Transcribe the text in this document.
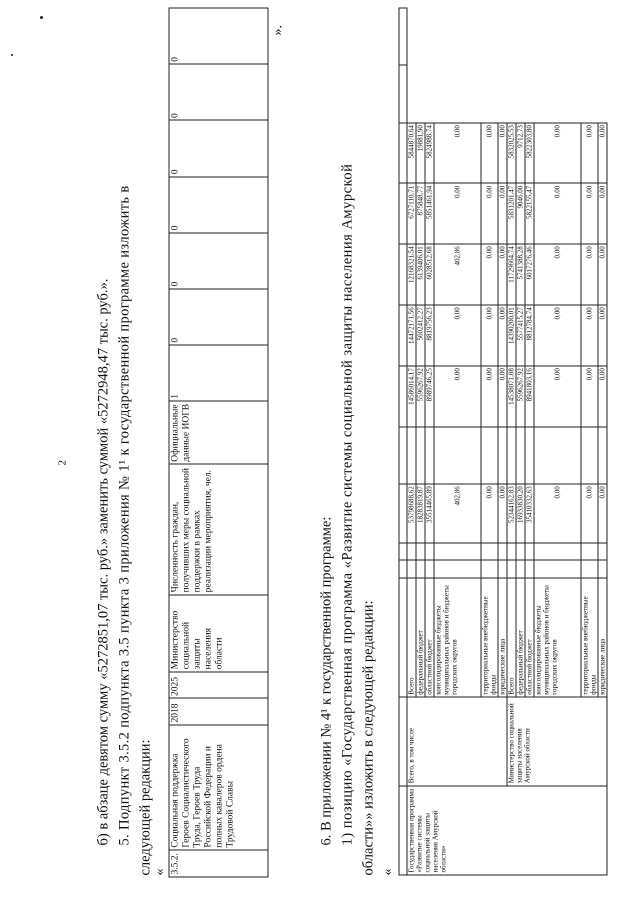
2 б) в абзаце девятом сумму «5272851,07 тыс. руб.» заменить суммой «5272948,47 тыс. руб.». 5. Подпункт 3.5.2 подпункта 3.5 пункта 3 приложения № 1¹ к государственной программе изложить в следующей редакции: « 3.5.2.	Социальная поддержка Героев Социалистического Труда, Героев Труда Российской Федерации и полных кавалеров ордена Трудовой Славы	2018	2025	Министерство социальной защиты населения области	Численность граждан, получивших меры социальной поддержки в рамках реализации мероприятия, чел.	Официальные данные ИОГВ	1	0	0	0	0	0	0
».
6. В приложении № 4¹ к государственной программе: 1) позицию «Государственная программа «Развитие системы социальной защиты населения Амурской области»» изложить в следующей редакции: «
													Государственная программа «Развитие системы социальной защиты населения Амурской области»	Всего, в том числе	Всего			53798688,62		14586014,17	14472171,56	12168321,54	6727110,71	5844870,64		
		федеральный бюджет			18283819,87		5596267,92	5602412,27	6139406,01	875848,77	19881,90		
		областной бюджет			35514465,89		8989746,25	8819756,23	6028512,68	5851461,94	5824988,74		
		консолидированные бюджеты муниципальных районов и бюджеты городских округов			402,86		0,00	0,00	402,86	0,00	0,00		
		территориальные внебюджетные фонды			0,00		0,00	0,00	0,00	0,00	0,00		
		юридические лица			0,00		0,00	0,00	0,00	0,00	0,00		
	Министерство социальной защиты населения Амурской области	Всего			52344162,83		14538071,08	14390200,01	11729664,74	5831201,47	5832025,53		
		федеральный бюджет			16933830,20		5596267,92	5577415,27	5741388,28	9046,00	9712,73		
		областной бюджет			35410332,63		8941803,16	8812784,74	6017276,46	5822155,47	5822303,80		
		консолидированные бюджеты муниципальных районов и бюджеты городских округов			0,00		0,00	0,00	0,00	0,00	0,00		
		территориальные внебюджетные фонды			0,00		0,00	0,00	0,00	0,00	0,00		
		юридические лица			0,00		0,00	0,00	0,00	0,00	0,00		
